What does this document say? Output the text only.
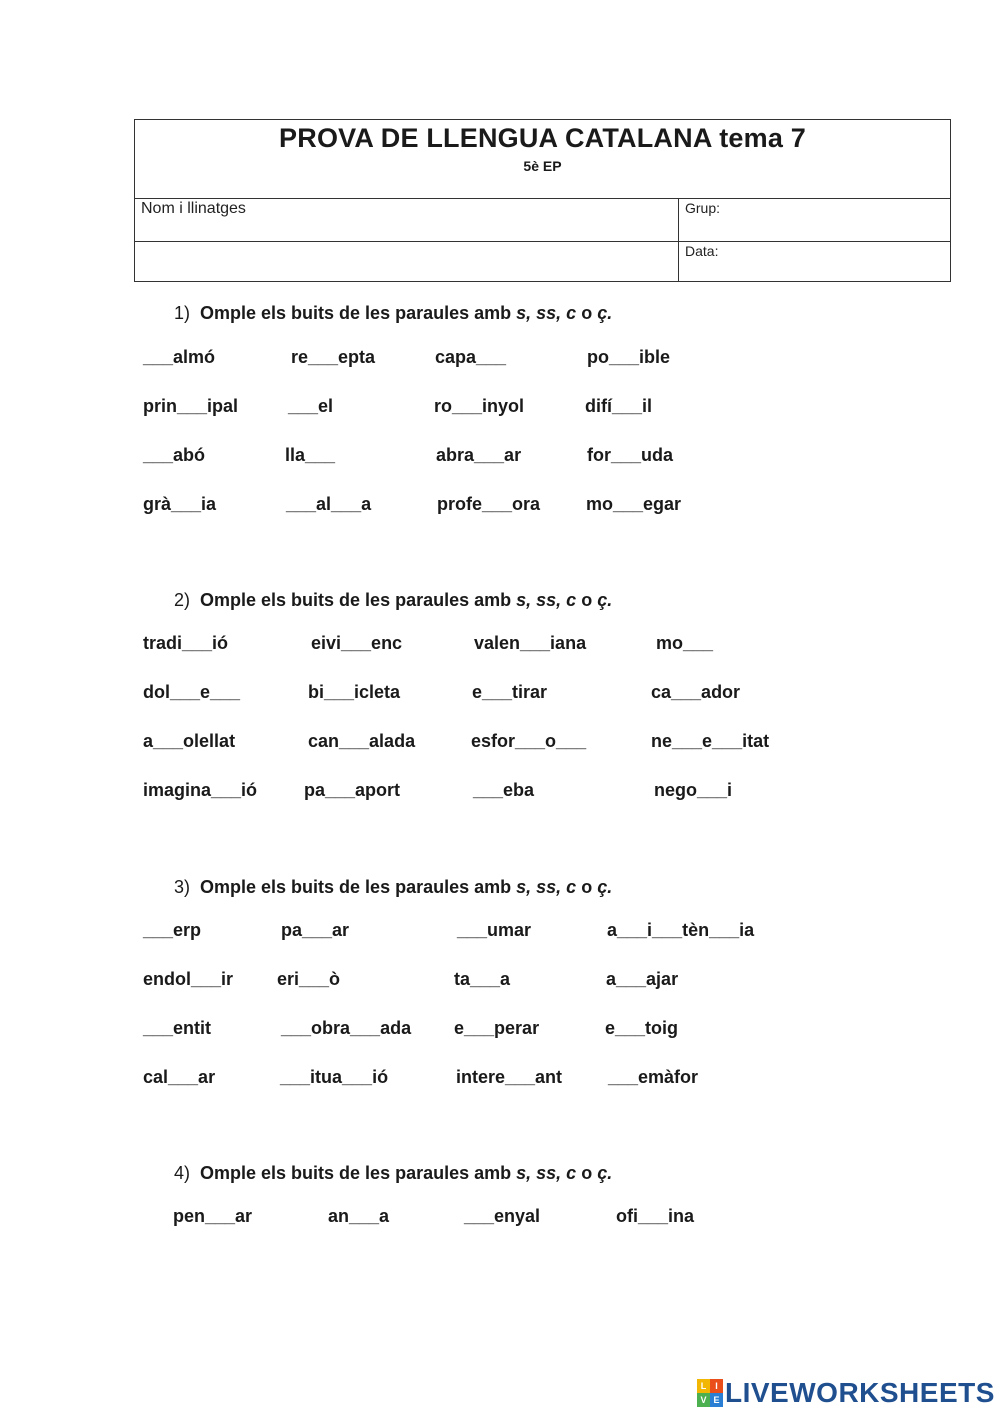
PROVA DE LLENGUA CATALANA tema 7
5è EP
Nom i llinatges	Grup:
Data:
1) Omple els buits de les paraules amb s, ss, c o ç.
___almó	re___epta	capa___	po___ible
prin___ipal	___el	ro___inyol	difí___il
___abó	lla___	abra___ar	for___uda
grà___ia	___al___a	profe___ora	mo___egar
2) Omple els buits de les paraules amb s, ss, c o ç.
tradi___ió	eivi___enc	valen___iana	mo___
dol___e___	bi___icleta	e___tirar	ca___ador
a___olellat	can___alada	esfor___o___	ne___e___itat
imagina___ió	pa___aport	___eba	nego___i
3) Omple els buits de les paraules amb s, ss, c o ç.
___erp	pa___ar	___umar	a___i___tèn___ia
endol___ir eri___ò	ta___a	a___ajar
___entit	___obra___ada e___perar	e___toig
cal___ar	___itua___ió	intere___ant	___emàfor
4) Omple els buits de les paraules amb s, ss, c o ç.
pen___ar	an___a	___enyal	ofi___ina
L I
V E LIVEWORKSHEETS
